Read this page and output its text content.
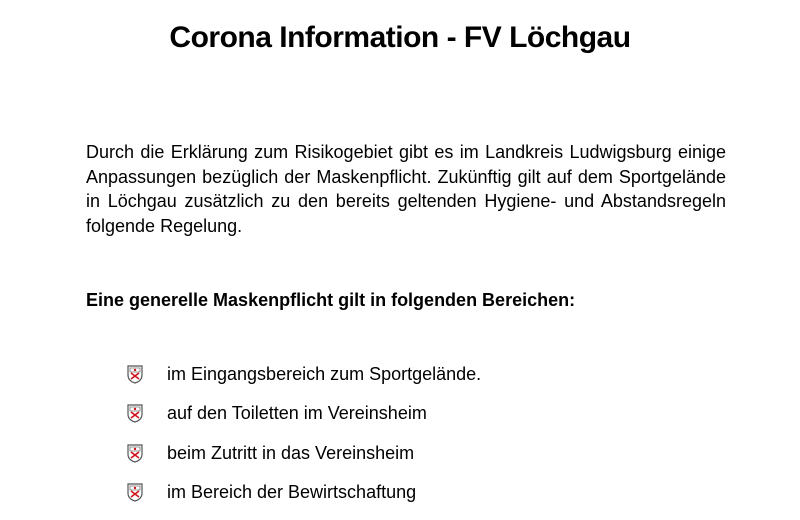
Corona Information - FV Löchgau

Durch die Erklärung zum Risikogebiet gibt es im Landkreis Ludwigsburg einige Anpassungen bezüglich der Maskenpflicht. Zukünftig gilt auf dem Sportgelände in Löchgau zusätzlich zu den bereits geltenden Hygiene- und Abstandsregeln folgende Regelung.

Eine generelle Maskenpflicht gilt in folgenden Bereichen:

im Eingangsbereich zum Sportgelände.
auf den Toiletten im Vereinsheim
beim Zutritt in das Vereinsheim
im Bereich der Bewirtschaftung
